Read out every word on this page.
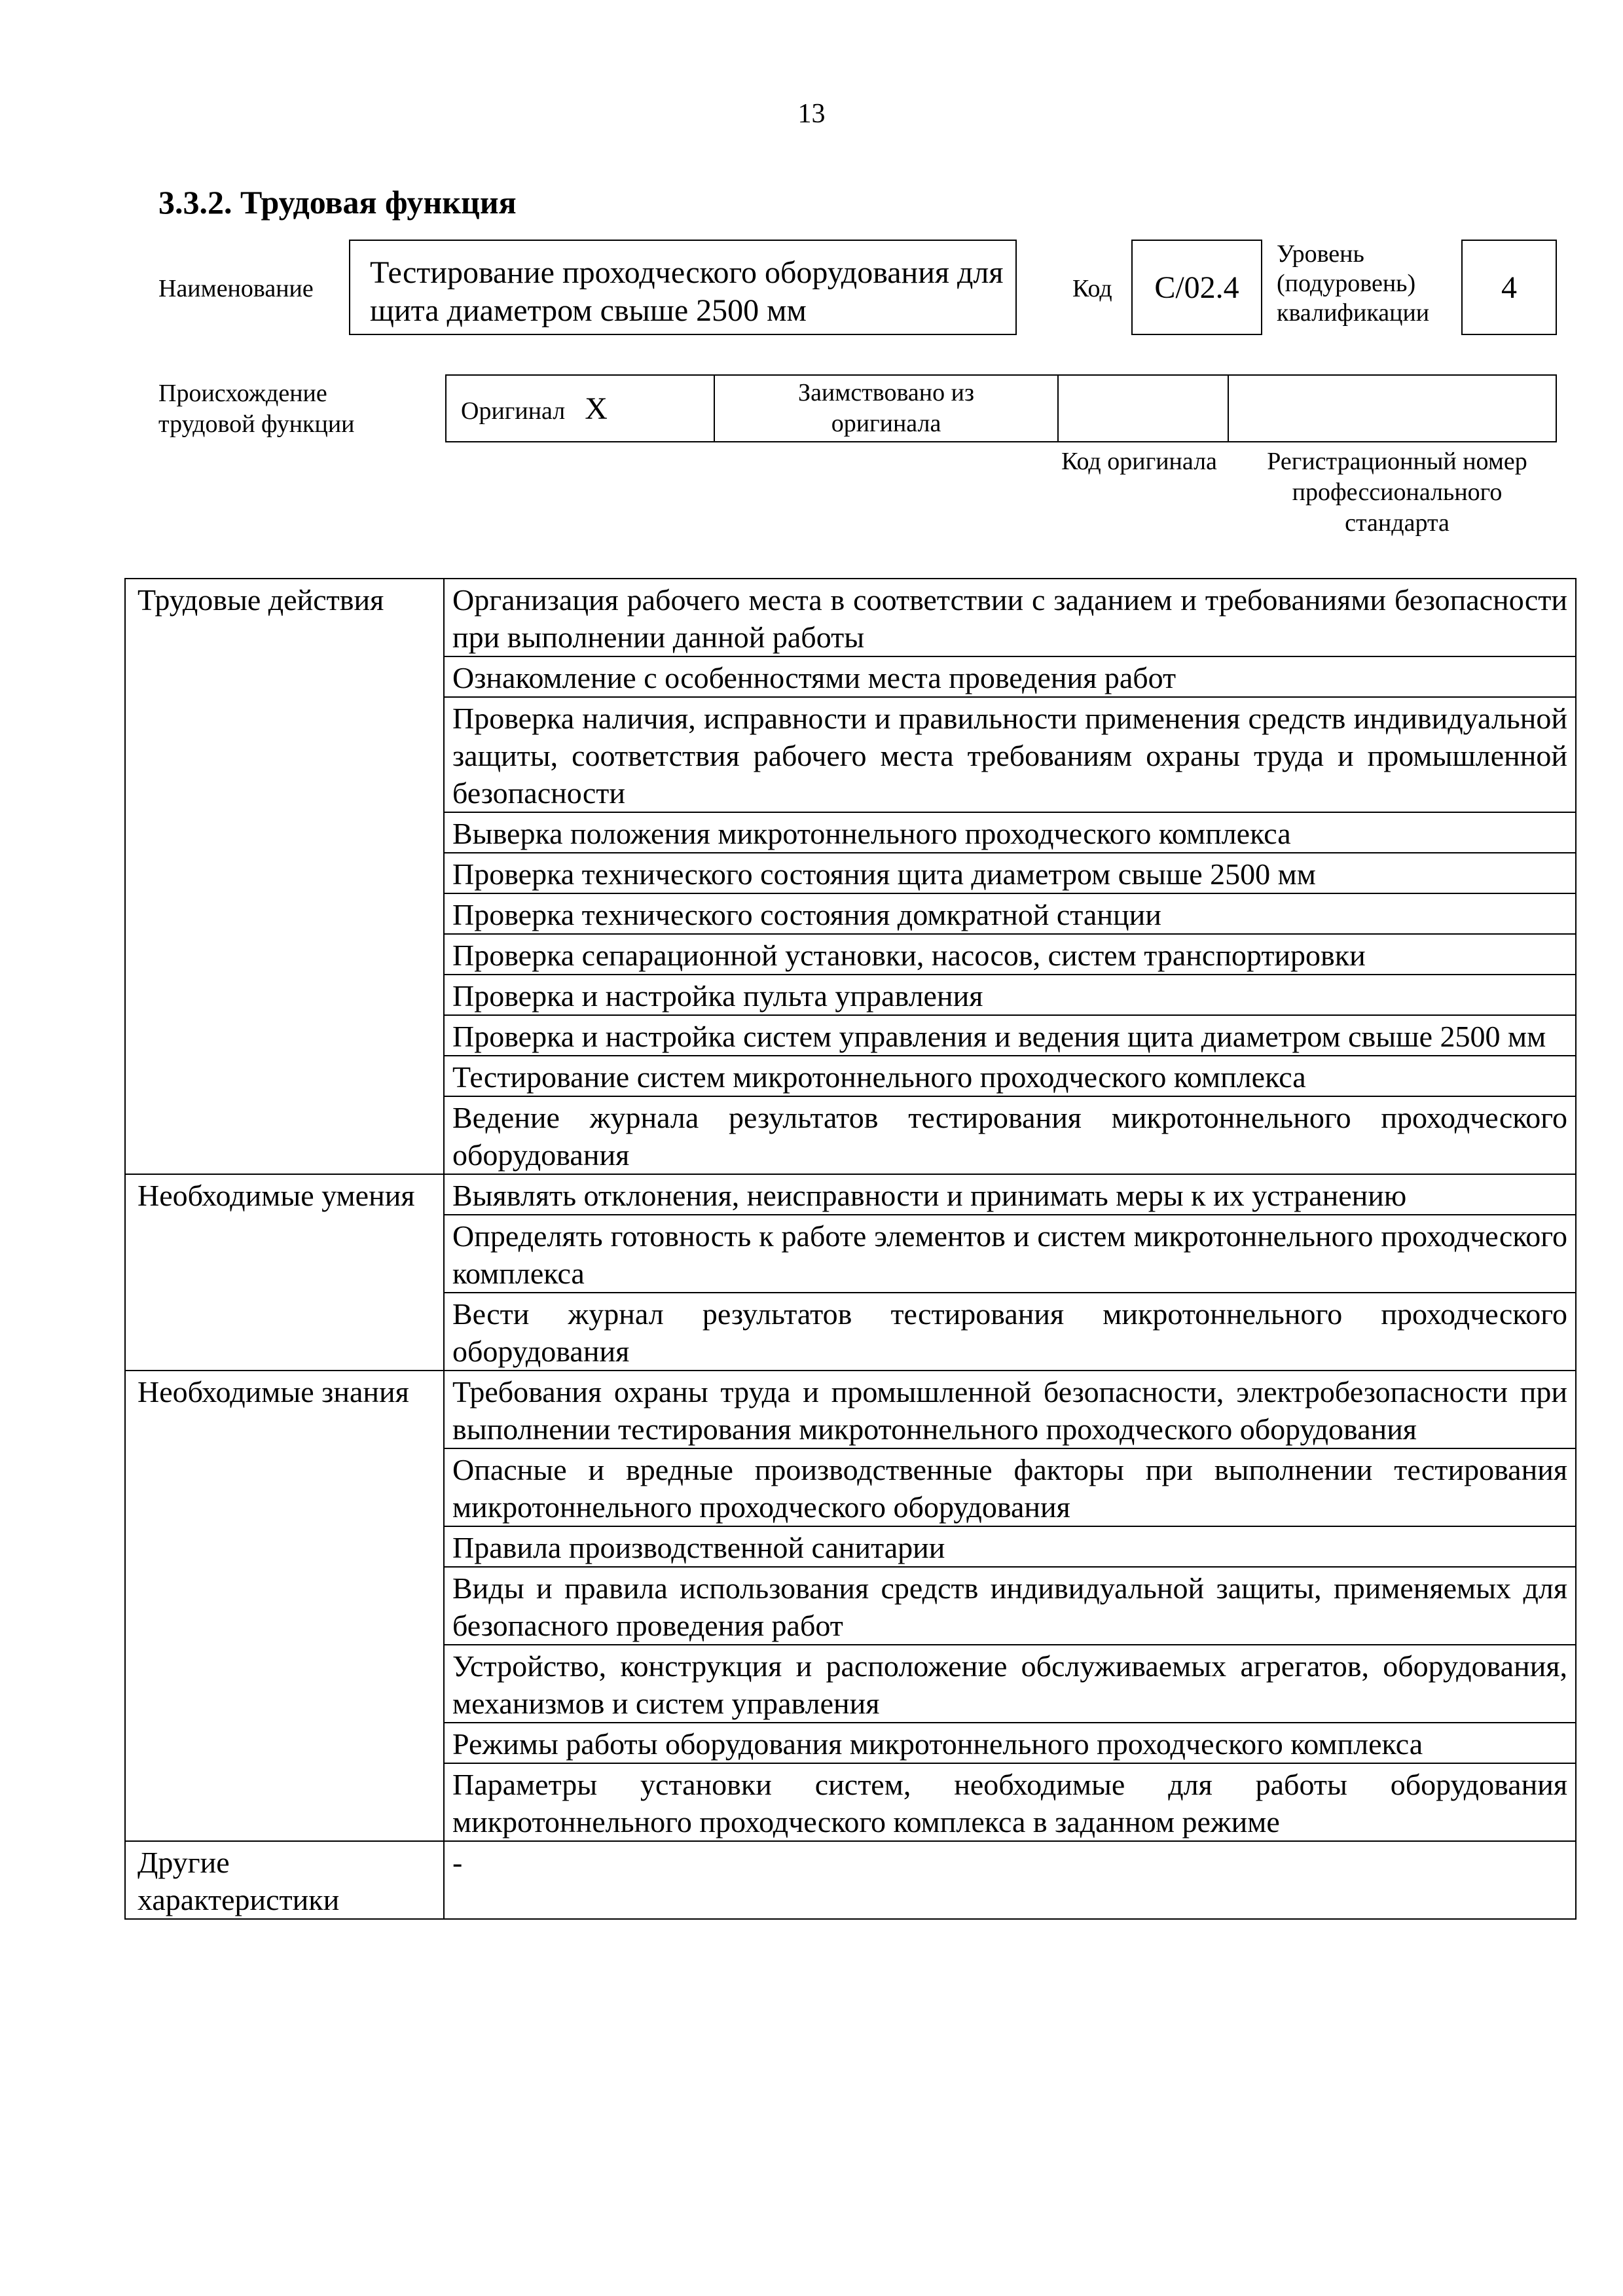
13
3.3.2. Трудовая функция
Наименование	Тестирование проходческого оборудования для щита диаметром свыше 2500 мм
Код C/02.4
Уровень (подуровень) квалификации
4
Происхождение трудовой функции	Оригинал X	Заимствовано из оригинала		
Код оригинала	Регистрационный номер профессионального стандарта
Трудовые действия	Организация рабочего места в соответствии с заданием и требованиями безопасности при выполнении данной работы
	Ознакомление с особенностями места проведения работ
	Проверка наличия, исправности и правильности применения средств индивидуальной защиты, соответствия рабочего места требованиям охраны труда и промышленной безопасности
	Выверка положения микротоннельного проходческого комплекса
	Проверка технического состояния щита диаметром свыше 2500 мм
	Проверка технического состояния домкратной станции
	Проверка сепарационной установки, насосов, систем транспортировки
	Проверка и настройка пульта управления
	Проверка и настройка систем управления и ведения щита диаметром свыше 2500 мм
	Тестирование систем микротоннельного проходческого комплекса
	Ведение журнала результатов тестирования микротоннельного проходческого оборудования
Необходимые умения	Выявлять отклонения, неисправности и принимать меры к их устранению
	Определять готовность к работе элементов и систем микротоннельного проходческого комплекса
	Вести журнал результатов тестирования микротоннельного проходческого оборудования
Необходимые знания	Требования охраны труда и промышленной безопасности, электробезопасности при выполнении тестирования микротоннельного проходческого оборудования
	Опасные и вредные производственные факторы при выполнении тестирования микротоннельного проходческого оборудования
	Правила производственной санитарии
	Виды и правила использования средств индивидуальной защиты, применяемых для безопасного проведения работ
	Устройство, конструкция и расположение обслуживаемых агрегатов, оборудования, механизмов и систем управления
	Режимы работы оборудования микротоннельного проходческого комплекса
	Параметры установки систем, необходимые для работы оборудования микротоннельного проходческого комплекса в заданном режиме
Другие характеристики	-
